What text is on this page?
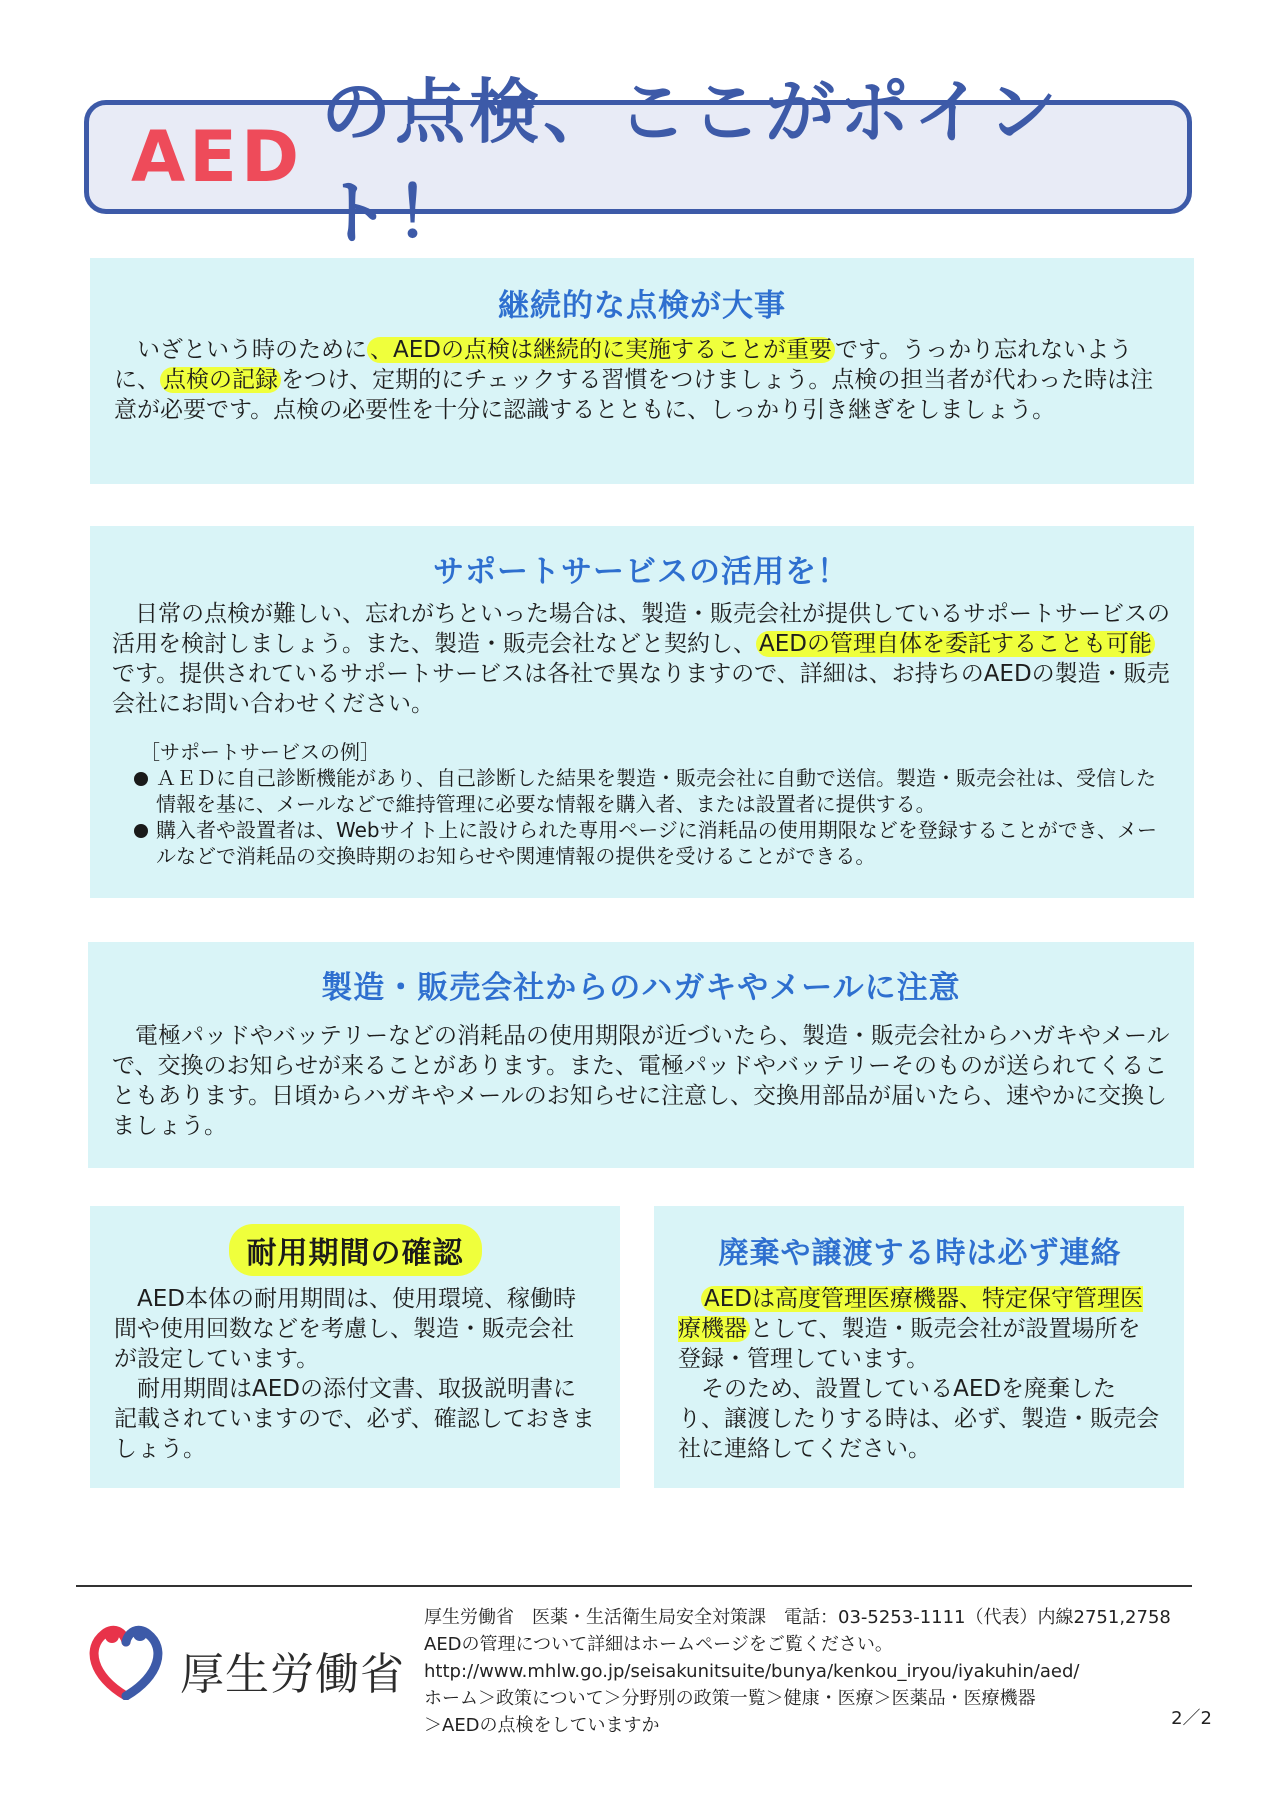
AED
の点検、ここがポイント！
継続的な点検が大事

いざという時のために 、AEDの点検は継続的に実施することが重要 です。うっかり忘れないように、 点検の記録 をつけ、定期的にチェックする習慣をつけましょう。点検の担当者が代わった時は注意が必要です。点検の必要性を十分に認識するとともに、しっかり引き継ぎをしましょう。

サポートサービスの活用を！

日常の点検が難しい、忘れがちといった場合は、製造・販売会社が提供しているサポートサービスの活用を検討しましょう。また、製造・販売会社などと契約し、 AEDの管理自体を委託することも可能です。提供されているサポートサービスは各社で異なりますので、詳細は、お持ちのAEDの製造・販売会社にお問い合わせください。

［サポートサービスの例］
ＡＥＤに自己診断機能があり、自己診断した結果を製造・販売会社に自動で送信。製造・販売会社は、受信した情報を基に、メールなどで維持管理に必要な情報を購入者、または設置者に提供する。
購入者や設置者は、Webサイト上に設けられた専用ページに消耗品の使用期限などを登録することができ、メールなどで消耗品の交換時期のお知らせや関連情報の提供を受けることができる。
製造・販売会社からのハガキやメールに注意

電極パッドやバッテリーなどの消耗品の使用期限が近づいたら、製造・販売会社からハガキやメールで、交換のお知らせが来ることがあります。また、電極パッドやバッテリーそのものが送られてくることもあります。日頃からハガキやメールのお知らせに注意し、交換用部品が届いたら、速やかに交換しましょう。

耐用期間の確認

AED本体の耐用期間は、使用環境、稼働時間や使用回数などを考慮し、製造・販売会社が設定しています。

耐用期間はAEDの添付文書、取扱説明書に記載されていますので、必ず、確認しておきましょう。

廃棄や譲渡する時は必ず連絡

AEDは高度管理医療機器、特定保守管理医療機器 として、製造・販売会社が設置場所を登録・管理しています。

そのため、設置しているAEDを廃棄したり、譲渡したりする時は、必ず、製造・販売会社に連絡してください。

厚生労働省
厚生労働省　医薬・生活衛生局安全対策課　電話：03-5253-1111（代表）内線2751,2758
AEDの管理について詳細はホームページをご覧ください。
http://www.mhlw.go.jp/seisakunitsuite/bunya/kenkou_iryou/iyakuhin/aed/
ホーム＞政策について＞分野別の政策一覧＞健康・医療＞医薬品・医療機器
＞AEDの点検をしていますか	2／2
